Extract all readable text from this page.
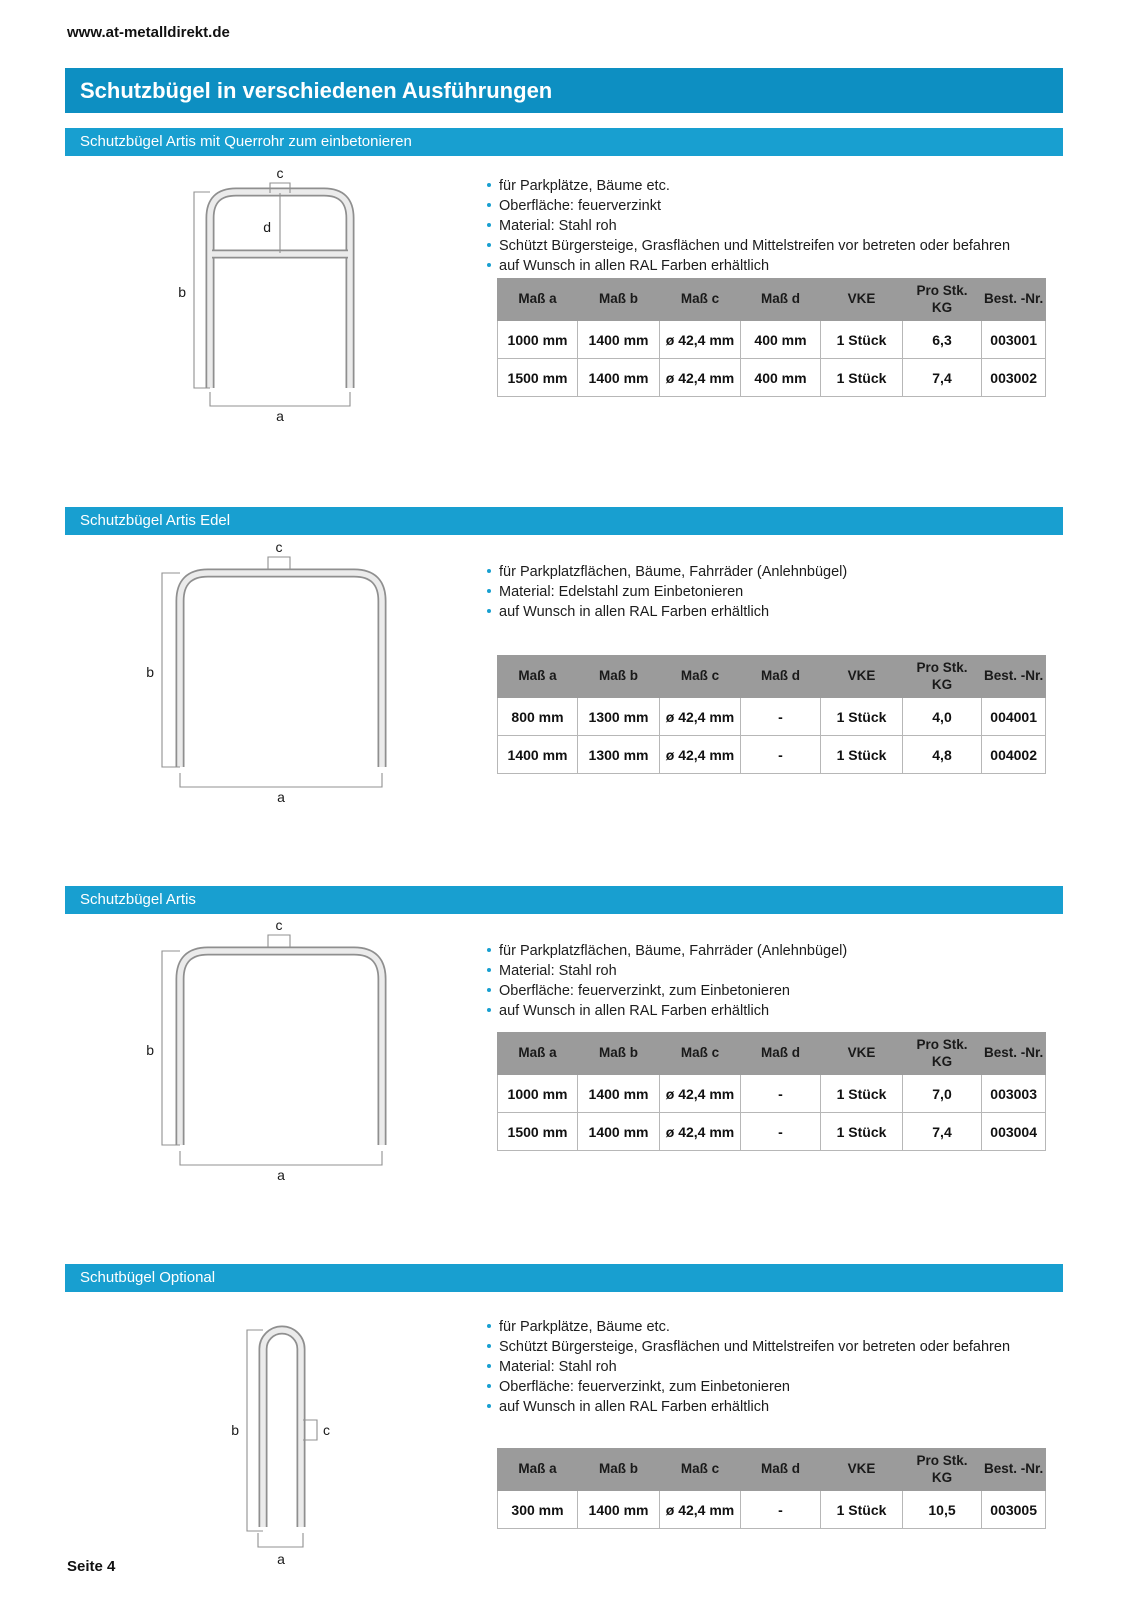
www.at-metalldirekt.de
Schutzbügel in verschiedenen Ausführungen
Schutzbügel Artis mit Querrohr zum einbetonieren
c
d
b
a
für Parkplätze, Bäume etc.
Oberfläche: feuerverzinkt
Material: Stahl roh
Schützt Bürgersteige, Grasflächen und Mittelstreifen vor betreten oder befahren
auf Wunsch in allen RAL Farben erhältlich
Maß a	Maß b	Maß c	Maß d	VKE	Pro Stk. KG	Best. -Nr.
1000 mm	1400 mm	ø 42,4 mm	400 mm	1 Stück	6,3	003001
1500 mm	1400 mm	ø 42,4 mm	400 mm	1 Stück	7,4	003002
Schutzbügel Artis Edel
c
b
a
für Parkplatzflächen, Bäume, Fahrräder (Anlehnbügel)
Material: Edelstahl zum Einbetonieren
auf Wunsch in allen RAL Farben erhältlich
Maß a	Maß b	Maß c	Maß d	VKE	Pro Stk. KG	Best. -Nr.
800 mm	1300 mm	ø 42,4 mm	-	1 Stück	4,0	004001
1400 mm	1300 mm	ø 42,4 mm	-	1 Stück	4,8	004002
Schutzbügel Artis
c
b
a
für Parkplatzflächen, Bäume, Fahrräder (Anlehnbügel)
Material: Stahl roh
Oberfläche: feuerverzinkt, zum Einbetonieren
auf Wunsch in allen RAL Farben erhältlich
Maß a	Maß b	Maß c	Maß d	VKE	Pro Stk. KG	Best. -Nr.
1000 mm	1400 mm	ø 42,4 mm	-	1 Stück	7,0	003003
1500 mm	1400 mm	ø 42,4 mm	-	1 Stück	7,4	003004
Schutbügel Optional
b	c
a
für Parkplätze, Bäume etc.
Schützt Bürgersteige, Grasflächen und Mittelstreifen vor betreten oder befahren
Material: Stahl roh
Oberfläche: feuerverzinkt, zum Einbetonieren
auf Wunsch in allen RAL Farben erhältlich
Maß a	Maß b	Maß c	Maß d	VKE	Pro Stk. KG	Best. -Nr.
300 mm	1400 mm	ø 42,4 mm	-	1 Stück	10,5	003005
Seite 4
